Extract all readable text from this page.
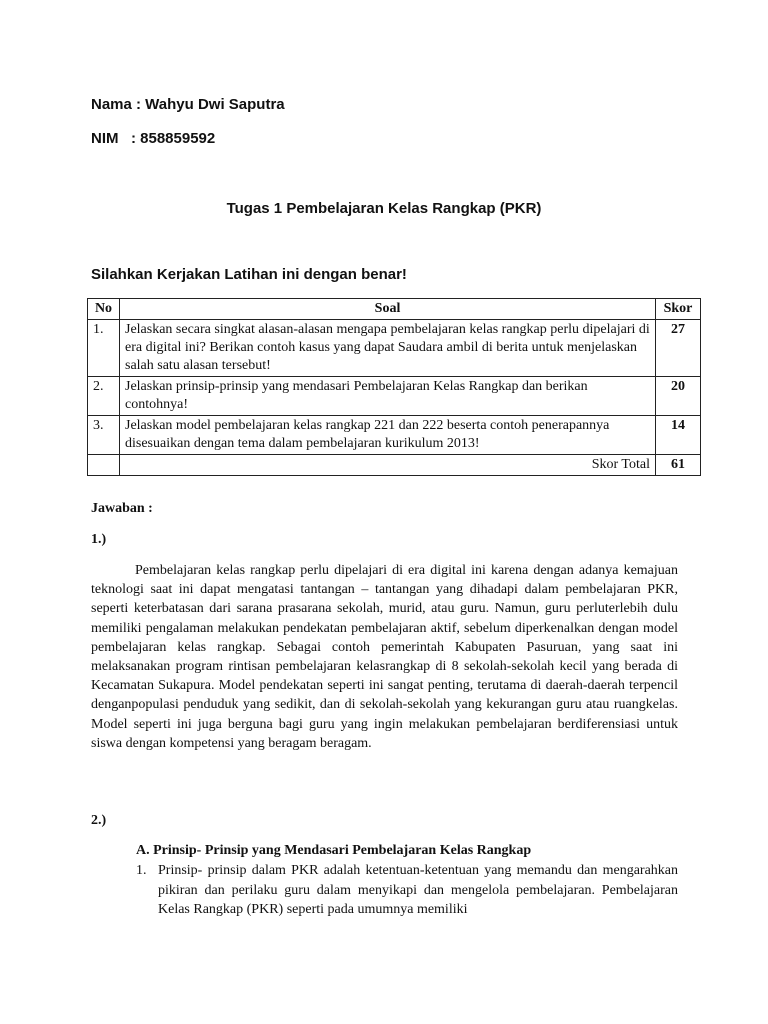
Nama : Wahyu Dwi Saputra
NIM   : 858859592
Tugas 1 Pembelajaran Kelas Rangkap (PKR)
Silahkan Kerjakan Latihan ini dengan benar!
No	Soal	Skor
1.	Jelaskan secara singkat alasan-alasan mengapa pembelajaran kelas rangkap perlu dipelajari di era digital ini? Berikan contoh kasus yang dapat Saudara ambil di berita untuk menjelaskan salah satu alasan tersebut!	27
2.	Jelaskan prinsip-prinsip yang mendasari Pembelajaran Kelas Rangkap dan berikan contohnya!	20
3.	Jelaskan model pembelajaran kelas rangkap 221 dan 222 beserta contoh penerapannya disesuaikan dengan tema dalam pembelajaran kurikulum 2013!	14
	Skor Total	61
Jawaban :
1.)

Pembelajaran kelas rangkap perlu dipelajari di era digital ini karena dengan adanya kemajuan teknologi saat ini dapat mengatasi tantangan – tantangan yang dihadapi dalam pembelajaran PKR, seperti keterbatasan dari sarana prasarana sekolah, murid, atau guru. Namun, guru perluterlebih dulu memiliki pengalaman melakukan pendekatan pembelajaran aktif, sebelum diperkenalkan dengan model pembelajaran kelas rangkap. Sebagai contoh pemerintah Kabupaten Pasuruan, yang saat ini melaksanakan program rintisan pembelajaran kelasrangkap di 8 sekolah-sekolah kecil yang berada di Kecamatan Sukapura. Model pendekatan seperti ini sangat penting, terutama di daerah-daerah terpencil denganpopulasi penduduk yang sedikit, dan di sekolah-sekolah yang kekurangan guru atau ruangkelas. Model seperti ini juga berguna bagi guru yang ingin melakukan pembelajaran berdiferensiasi untuk siswa dengan kompetensi yang beragam beragam.

2.)
A. Prinsip- Prinsip yang Mendasari Pembelajaran Kelas Rangkap
1. Prinsip- prinsip dalam PKR adalah ketentuan-ketentuan yang memandu dan mengarahkan pikiran dan perilaku guru dalam menyikapi dan mengelola pembelajaran. Pembelajaran Kelas Rangkap (PKR) seperti pada umumnya memiliki
